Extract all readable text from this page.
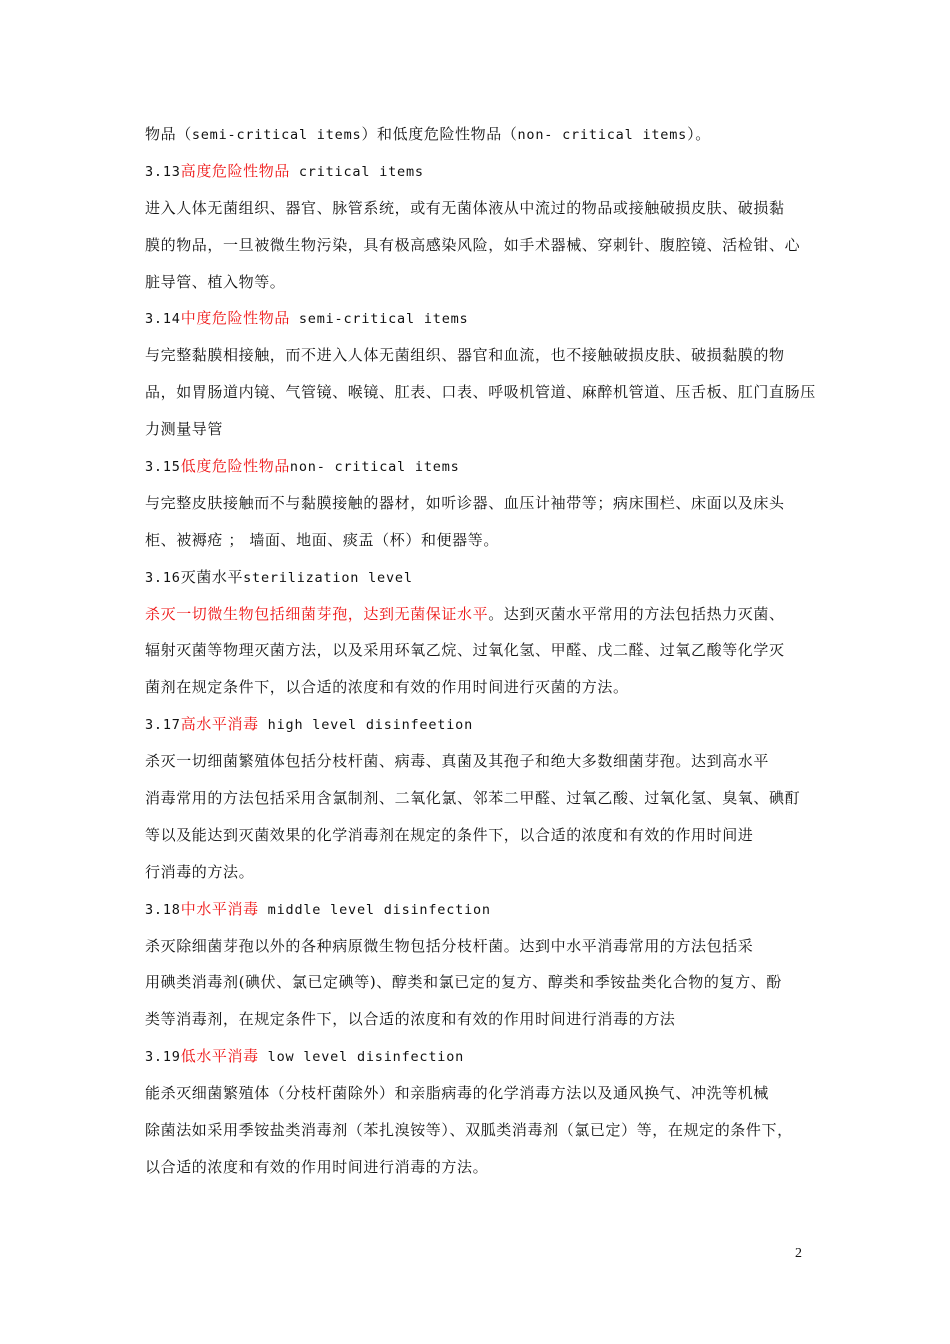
物品（semi-critical items）和低度危险性物品（non- critical items）。
3.13高度危险性物品 critical items
进入人体无菌组织、器官、脉管系统，或有无菌体液从中流过的物品或接触破损皮肤、破损黏
膜的物品，一旦被微生物污染，具有极高感染风险，如手术器械、穿刺针、腹腔镜、活检钳、心
脏导管、植入物等。
3.14中度危险性物品 semi-critical items
与完整黏膜相接触，而不进入人体无菌组织、器官和血流，也不接触破损皮肤、破损黏膜的物
品，如胃肠道内镜、气管镜、喉镜、肛表、口表、呼吸机管道、麻醉机管道、压舌板、肛门直肠压
力测量导管
3.15低度危险性物品non- critical items
与完整皮肤接触而不与黏膜接触的器材，如听诊器、血压计袖带等；病床围栏、床面以及床头
柜、被褥疮 ； 墙面、地面、痰盂（杯）和便器等。
3.16灭菌水平sterilization level
杀灭一切微生物包括细菌芽孢，达到无菌保证水平。达到灭菌水平常用的方法包括热力灭菌、
辐射灭菌等物理灭菌方法，以及采用环氧乙烷、过氧化氢、甲醛、戊二醛、过氧乙酸等化学灭
菌剂在规定条件下，以合适的浓度和有效的作用时间进行灭菌的方法。
3.17高水平消毒 high level disinfeetion
杀灭一切细菌繁殖体包括分枝杆菌、病毒、真菌及其孢子和绝大多数细菌芽孢。达到高水平
消毒常用的方法包括采用含氯制剂、二氧化氯、邻苯二甲醛、过氧乙酸、过氧化氢、臭氧、碘酊
等以及能达到灭菌效果的化学消毒剂在规定的条件下，以合适的浓度和有效的作用时间进
行消毒的方法。
3.18中水平消毒 middle level disinfection
杀灭除细菌芽孢以外的各种病原微生物包括分枝杆菌。达到中水平消毒常用的方法包括采
用碘类消毒剂(碘伏、氯已定碘等)、醇类和氯已定的复方、醇类和季铵盐类化合物的复方、酚
类等消毒剂，在规定条件下，以合适的浓度和有效的作用时间进行消毒的方法
3.19低水平消毒 low level disinfection
能杀灭细菌繁殖体（分枝杆菌除外）和亲脂病毒的化学消毒方法以及通风换气、冲洗等机械
除菌法如采用季铵盐类消毒剂（苯扎溴铵等）、双胍类消毒剂（氯已定）等，在规定的条件下，
以合适的浓度和有效的作用时间进行消毒的方法。
2
